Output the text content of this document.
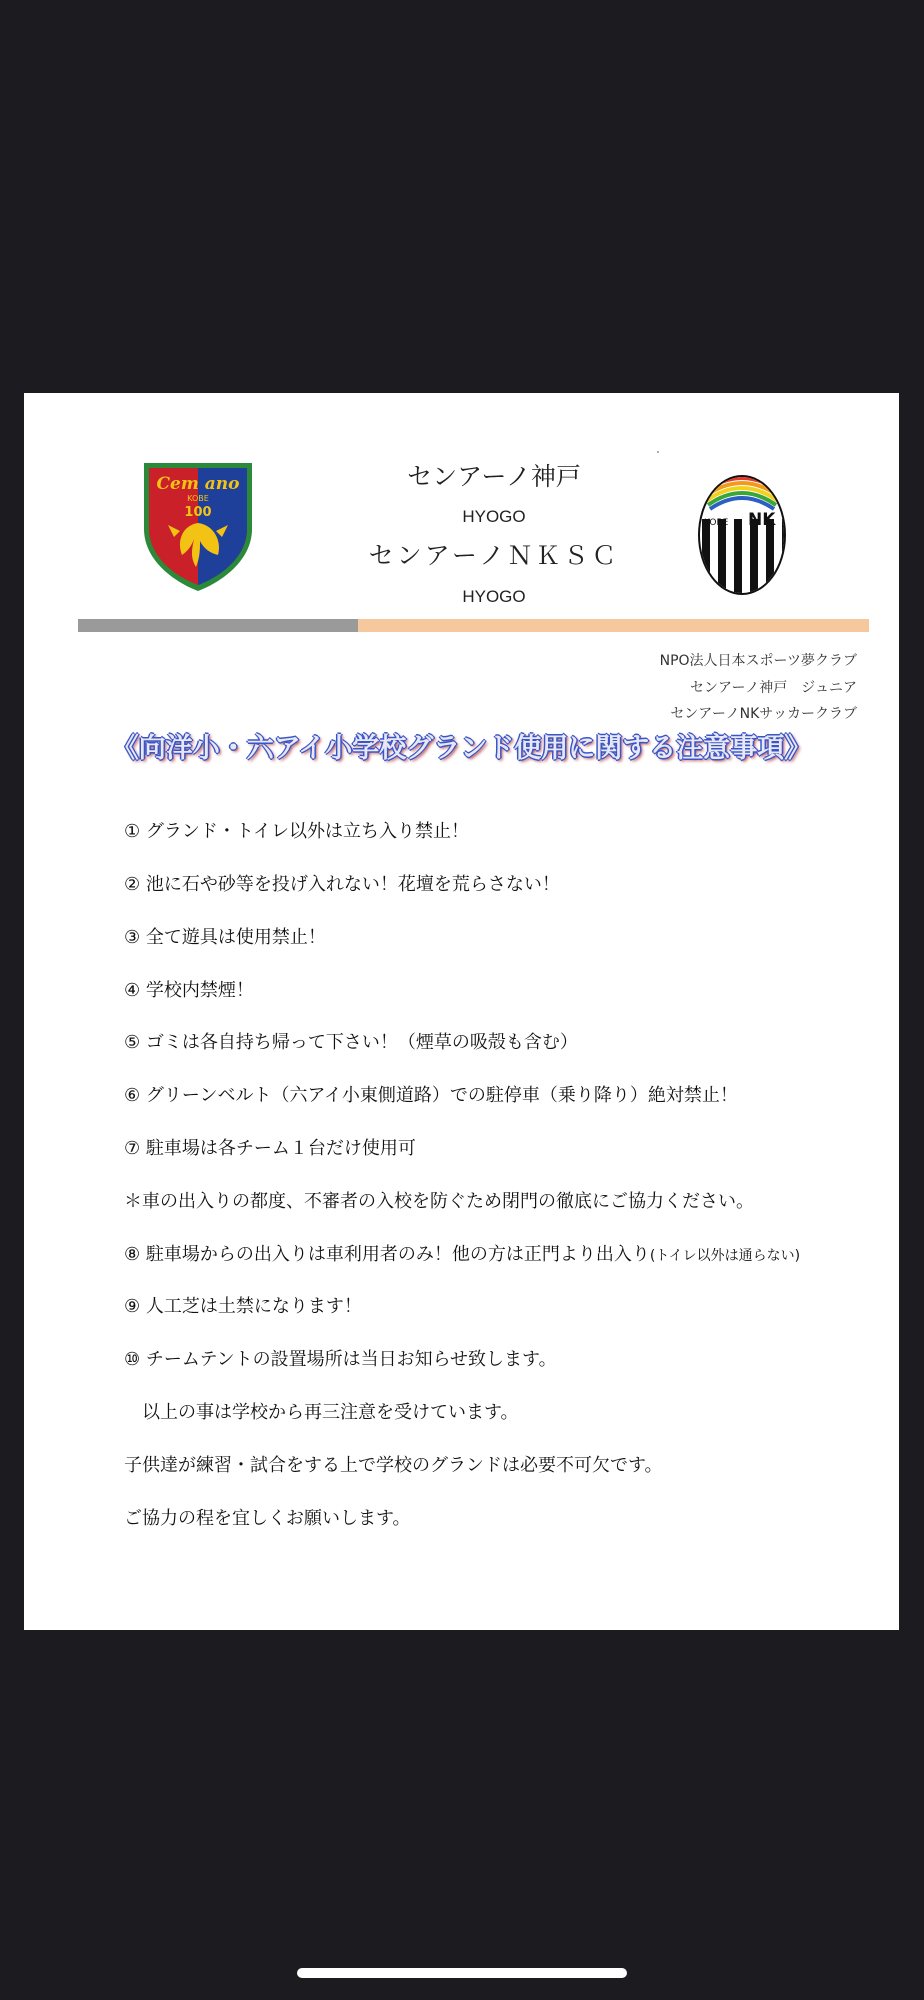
Cem ano
KOBE
100
センアーノ神戸
HYOGO
センアーノＮＫＳＣ
HYOGO
KOBE NK
NPO法人日本スポーツ夢クラブ
センアーノ神戸　ジュニア
センアーノNKサッカークラブ
《向洋小・六アイ小学校グランド使用に関する注意事項》
① グランド・トイレ以外は立ち入り禁止！
② 池に石や砂等を投げ入れない！花壇を荒らさない！
③ 全て遊具は使用禁止！
④ 学校内禁煙！
⑤ ゴミは各自持ち帰って下さい！（煙草の吸殻も含む）
⑥ グリーンベルト（六アイ小東側道路）での駐停車（乗り降り）絶対禁止！
⑦ 駐車場は各チーム１台だけ使用可
＊車の出入りの都度、不審者の入校を防ぐため閉門の徹底にご協力ください。
⑧ 駐車場からの出入りは車利用者のみ！他の方は正門より出入り(トイレ以外は通らない)
⑨ 人工芝は土禁になります！
⑩ チームテントの設置場所は当日お知らせ致します。
　以上の事は学校から再三注意を受けています。
子供達が練習・試合をする上で学校のグランドは必要不可欠です。
ご協力の程を宜しくお願いします。
